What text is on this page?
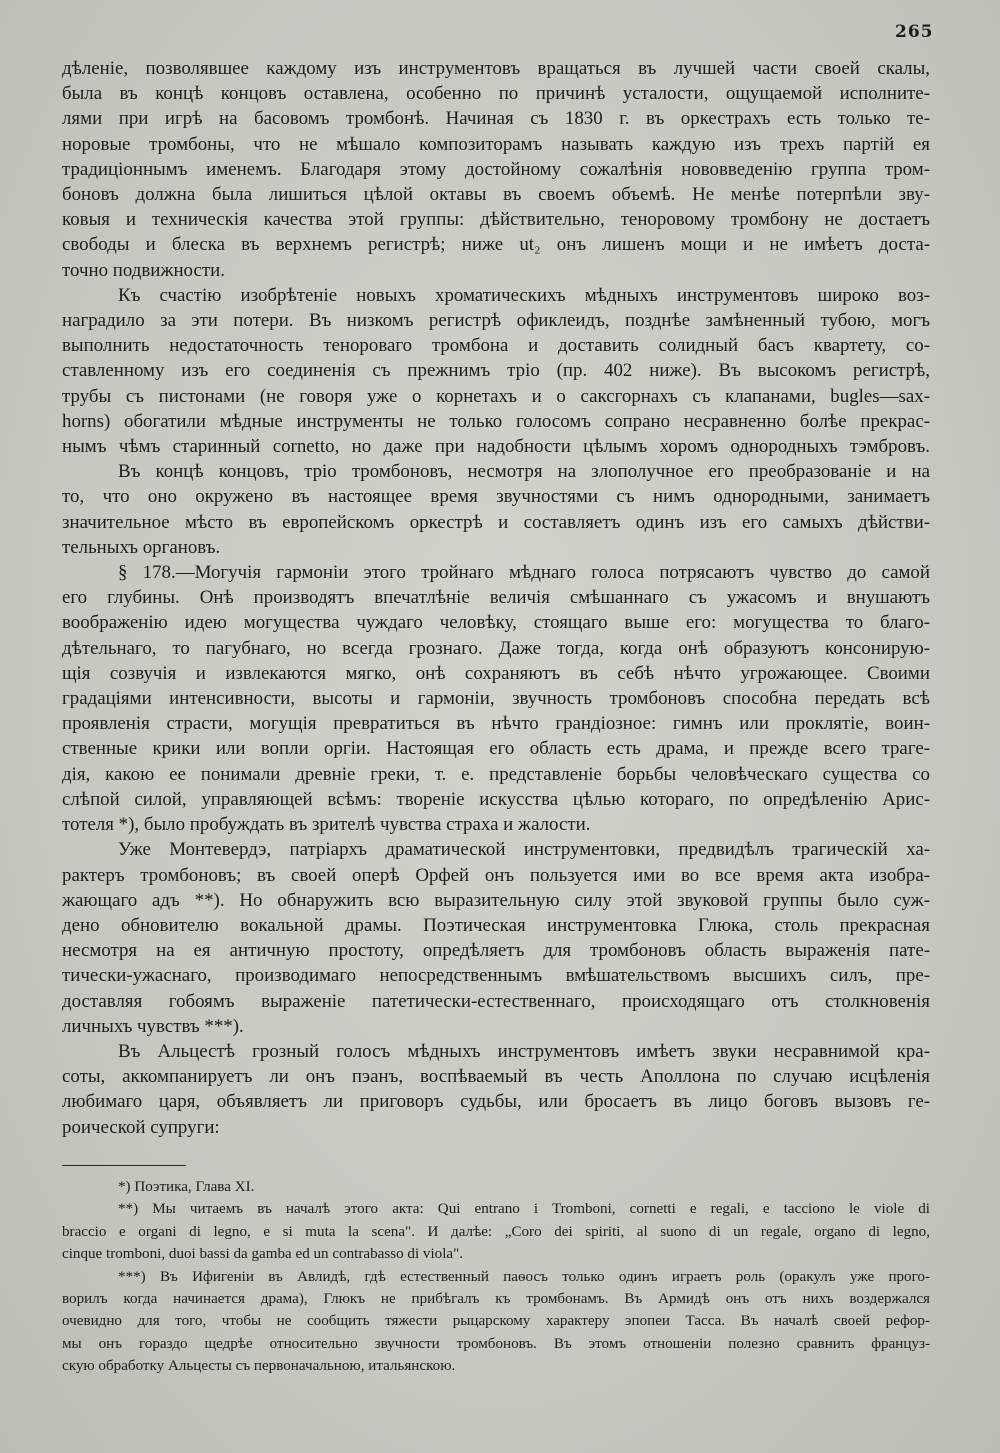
265
дѣленіе, позволявшее каждому изъ инструментовъ вращаться въ лучшей части своей скалы,
была въ концѣ концовъ оставлена, особенно по причинѣ усталости, ощущаемой исполните-
лями при игрѣ на басовомъ тромбонѣ. Начиная съ 1830 г. въ оркестрахъ есть только те-
норовые тромбоны, что не мѣшало композиторамъ называть каждую изъ трехъ партій ея
традиціоннымъ именемъ. Благодаря этому достойному сожалѣнія нововведенію группа тром-
боновъ должна была лишиться цѣлой октавы въ своемъ объемѣ. Не менѣе потерпѣли зву-
ковыя и техническія качества этой группы: дѣйствительно, теноровому тромбону не достаетъ
свободы и блеска въ верхнемъ регистрѣ; ниже ut₂ онъ лишенъ мощи и не имѣетъ доста-
точно подвижности.
Къ счастію изобрѣтеніе новыхъ хроматическихъ мѣдныхъ инструментовъ широко воз-
наградило за эти потери. Въ низкомъ регистрѣ офиклеидъ, позднѣе замѣненный тубою, могъ
выполнить недостаточность тенороваго тромбона и доставить солидный басъ квартету, со-
ставленному изъ его соединенія съ прежнимъ тріо (пр. 402 ниже). Въ высокомъ регистрѣ,
трубы съ пистонами (не говоря уже о корнетахъ и о саксгорнахъ съ клапанами, bugles—sax-
horns) обогатили мѣдные инструменты не только голосомъ сопрано несравненно болѣе прекрас-
нымъ чѣмъ старинный cornetto, но даже при надобности цѣлымъ хоромъ однородныхъ тэмбровъ.
Въ концѣ концовъ, тріо тромбоновъ, несмотря на злополучное его преобразованіе и на
то, что оно окружено въ настоящее время звучностями съ нимъ однородными, занимаетъ
значительное мѣсто въ европейскомъ оркестрѣ и составляетъ одинъ изъ его самыхъ дѣйстви-
тельныхъ органовъ.
§ 178.—Могучія гармоніи этого тройнаго мѣднаго голоса потрясаютъ чувство до самой
его глубины. Онѣ производятъ впечатлѣніе величія смѣшаннаго съ ужасомъ и внушаютъ
воображенію идею могущества чуждаго человѣку, стоящаго выше его: могущества то благо-
дѣтельнаго, то пагубнаго, но всегда грознаго. Даже тогда, когда онѣ образуютъ консонирую-
щія созвучія и извлекаются мягко, онѣ сохраняютъ въ себѣ нѣчто угрожающее. Своими
градаціями интенсивности, высоты и гармоніи, звучность тромбоновъ способна передать всѣ
проявленія страсти, могущія превратиться въ нѣчто грандіозное: гимнъ или проклятіе, воин-
ственные крики или вопли оргіи. Настоящая его область есть драма, и прежде всего траге-
дія, какою ее понимали древніе греки, т. е. представленіе борьбы человѣческаго существа со
слѣпой силой, управляющей всѣмъ: твореніе искусства цѣлью котораго, по опредѣленію Арис-
тотеля *), было пробуждать въ зрителѣ чувства страха и жалости.
Уже Монтевердэ, патріархъ драматической инструментовки, предвидѣлъ трагическій ха-
рактеръ тромбоновъ; въ своей оперѣ Орфей онъ пользуется ими во все время акта изобра-
жающаго адъ **). Но обнаружить всю выразительную силу этой звуковой группы было суж-
дено обновителю вокальной драмы. Поэтическая инструментовка Глюка, столь прекрасная
несмотря на ея античную простоту, опредѣляетъ для тромбоновъ область выраженія пате-
тически-ужаснаго, производимаго непосредственнымъ вмѣшательствомъ высшихъ силъ, пре-
доставляя гобоямъ выраженіе патетически-естественнаго, происходящаго отъ столкновенія
личныхъ чувствъ ***).
Въ Альцестѣ грозный голосъ мѣдныхъ инструментовъ имѣетъ звуки несравнимой кра-
соты, аккомпанируетъ ли онъ пэанъ, воспѣваемый въ честь Аполлона по случаю исцѣленія
любимаго царя, объявляетъ ли приговоръ судьбы, или бросаетъ въ лицо боговъ вызовъ ге-
роической супруги:
*) Поэтика, Глава XI.
**) Мы читаемъ въ началѣ этого акта: Qui entrano i Tromboni, cornetti e regali, e tacciono le viole di
braccio e organi di legno, e si muta la scena". И далѣе: „Coro dei spiriti, al suono di un regale, organo di legno,
cinque tromboni, duoi bassi da gamba ed un contrabasso di viola".
***) Въ Ифигеніи въ Авлидѣ, гдѣ естественный паѳосъ только одинъ играетъ роль (оракулъ уже прого-
ворилъ когда начинается драма), Глюкъ не прибѣгалъ къ тромбонамъ. Въ Армидѣ онъ отъ нихъ воздержался
очевидно для того, чтобы не сообщить тяжести рыцарскому характеру эпопеи Тасса. Въ началѣ своей рефор-
мы онъ гораздо щедрѣе относительно звучности тромбоновъ. Въ этомъ отношеніи полезно сравнить француз-
скую обработку Альцесты съ первоначальною, итальянскою.
